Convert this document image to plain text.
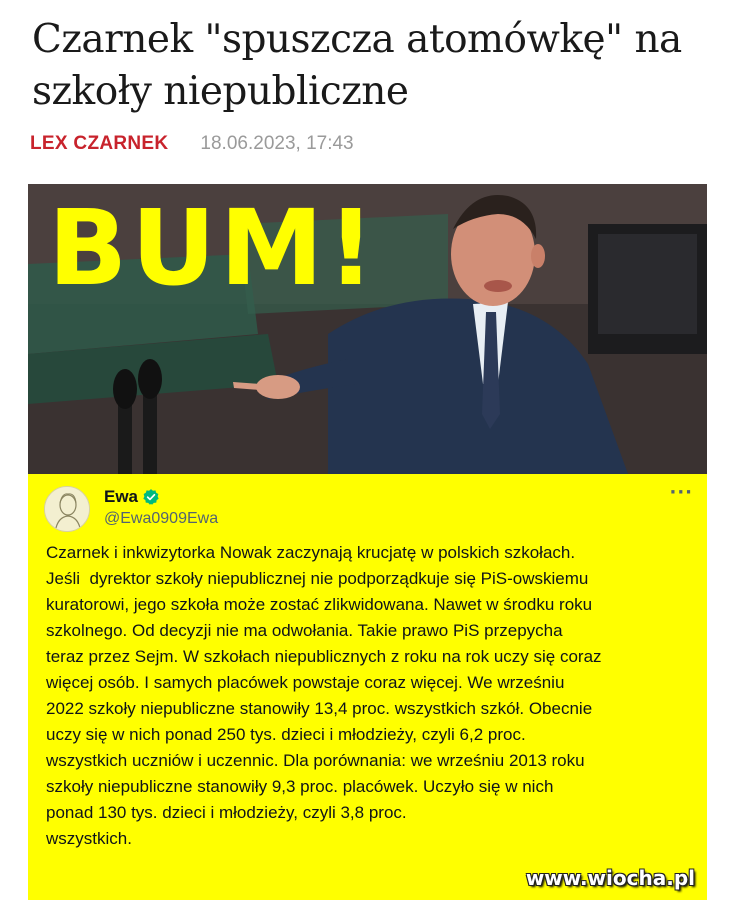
Czarnek "spuszcza atomówkę" na
szkoły niepubliczne
LEX CZARNEK 18.06.2023, 17:43
BUM!
Ewa
@Ewa0909Ewa
···
Czarnek i inkwizytorka Nowak zaczynają krucjatę w polskich szkołach.
Jeśli  dyrektor szkoły niepublicznej nie podporządkuje się PiS-owskiemu
kuratorowi, jego szkoła może zostać zlikwidowana. Nawet w środku roku
szkolnego. Od decyzji nie ma odwołania. Takie prawo PiS przepycha
teraz przez Sejm. W szkołach niepublicznych z roku na rok uczy się coraz
więcej osób. I samych placówek powstaje coraz więcej. We wrześniu
2022 szkoły niepubliczne stanowiły 13,4 proc. wszystkich szkół. Obecnie
uczy się w nich ponad 250 tys. dzieci i młodzieży, czyli 6,2 proc.
wszystkich uczniów i uczennic. Dla porównania: we wrześniu 2013 roku
szkoły niepubliczne stanowiły 9,3 proc. placówek. Uczyło się w nich
ponad 130 tys. dzieci i młodzieży, czyli 3,8 proc.
wszystkich.
www.wiocha.pl
